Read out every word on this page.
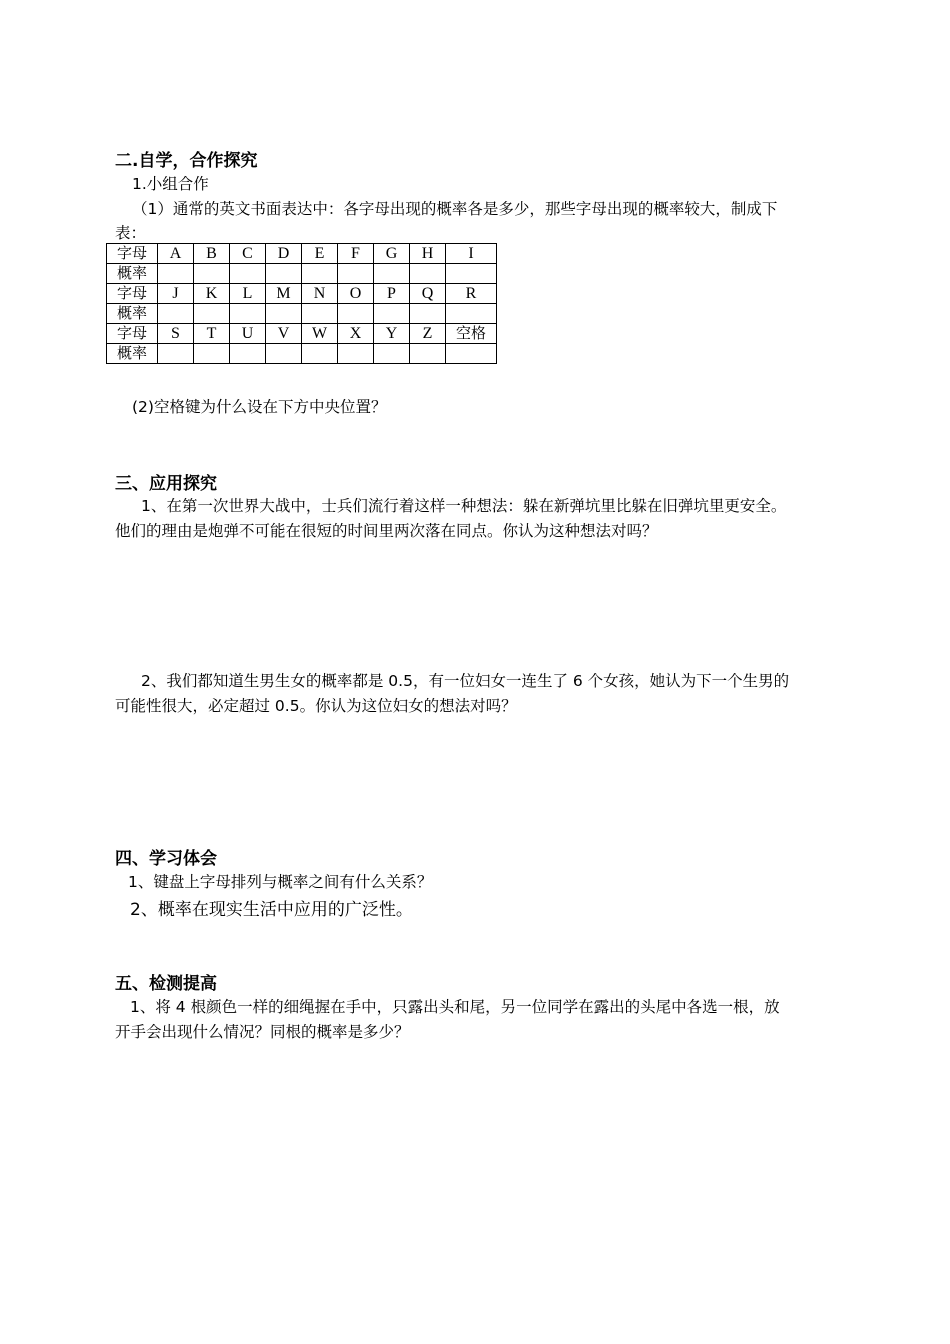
二.自学，合作探究
1.小组合作
（1）通常的英文书面表达中：各字母出现的概率各是多少，那些字母出现的概率较大，制成下
表：
字母	A	B	C	D	E	F	G	H	I
概率									
字母	J	K	L	M	N	O	P	Q	R
概率									
字母	S	T	U	V	W	X	Y	Z	空格
概率									
(2)空格键为什么设在下方中央位置？
三、应用探究
1、在第一次世界大战中，士兵们流行着这样一种想法：躲在新弹坑里比躲在旧弹坑里更安全。
他们的理由是炮弹不可能在很短的时间里两次落在同点。你认为这种想法对吗？
2、我们都知道生男生女的概率都是 0.5，有一位妇女一连生了 6 个女孩，她认为下一个生男的
可能性很大，必定超过 0.5。你认为这位妇女的想法对吗？
四、学习体会
1、键盘上字母排列与概率之间有什么关系？
2、概率在现实生活中应用的广泛性。
五、检测提高
1、将 4 根颜色一样的细绳握在手中，只露出头和尾，另一位同学在露出的头尾中各选一根，放
开手会出现什么情况？同根的概率是多少？
